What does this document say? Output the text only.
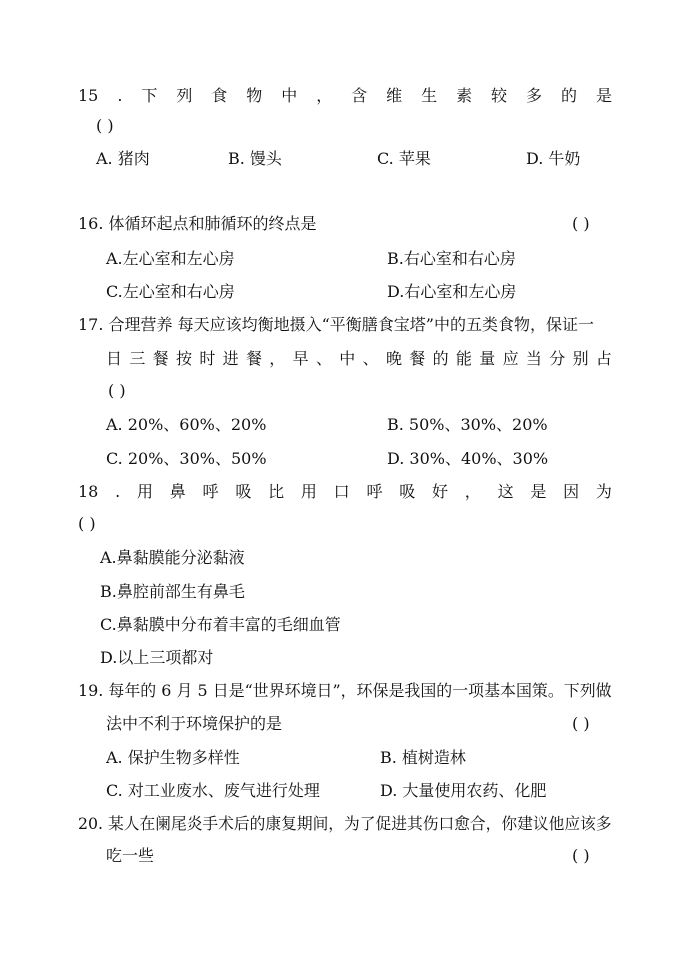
15 . 下 列 食 物 中 ， 含 维 生 素 较 多 的 是
( )
A. 猪肉	B. 馒头	C. 苹果	D. 牛奶
16. 体循环起点和肺循环的终点是	( )
A.左心室和左心房	B.右心室和右心房
C.左心室和右心房	D.右心室和左心房
17. 合理营养 每天应该均衡地摄入“平衡膳食宝塔”中的五类食物，保证一
日 三 餐 按 时 进 餐 ， 早 、 中 、 晚 餐 的 能 量 应 当 分 别 占
( )
A. 20%、60%、20%	B. 50%、30%、20%
C. 20%、30%、50%	D. 30%、40%、30%
18 . 用 鼻 呼 吸 比 用 口 呼 吸 好 ， 这 是 因 为
( )
A.鼻黏膜能分泌黏液
B.鼻腔前部生有鼻毛
C.鼻黏膜中分布着丰富的毛细血管
D.以上三项都对
19. 每年的 6 月 5 日是“世界环境日”，环保是我国的一项基本国策。下列做
法中不利于环境保护的是	( )
A. 保护生物多样性	B. 植树造林
C. 对工业废水、废气进行处理	D. 大量使用农药、化肥
20. 某人在阑尾炎手术后的康复期间，为了促进其伤口愈合，你建议他应该多
吃一些	( )
